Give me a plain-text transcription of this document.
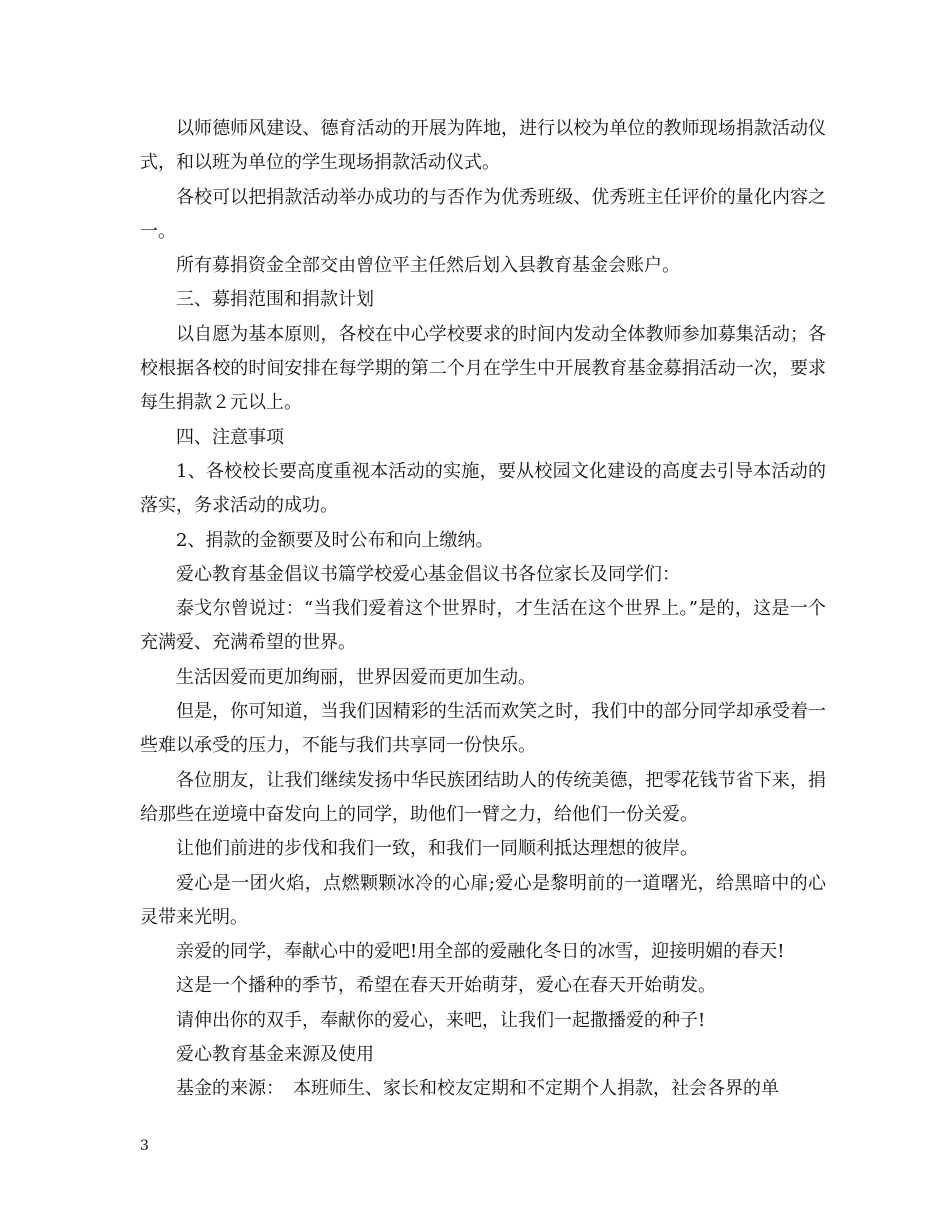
以师德师风建设、德育活动的开展为阵地，进行以校为单位的教师现场捐款活动仪式，和以班为单位的学生现场捐款活动仪式。

各校可以把捐款活动举办成功的与否作为优秀班级、优秀班主任评价的量化内容之一。

所有募捐资金全部交由曾位平主任然后划入县教育基金会账户。

三、募捐范围和捐款计划

以自愿为基本原则，各校在中心学校要求的时间内发动全体教师参加募集活动；各校根据各校的时间安排在每学期的第二个月在学生中开展教育基金募捐活动一次，要求每生捐款２元以上。

四、注意事项

1、各校校长要高度重视本活动的实施，要从校园文化建设的高度去引导本活动的落实，务求活动的成功。

2、捐款的金额要及时公布和向上缴纳。

爱心教育基金倡议书篇学校爱心基金倡议书各位家长及同学们：

泰戈尔曾说过：“当我们爱着这个世界时，才生活在这个世界上。”是的，这是一个充满爱、充满希望的世界。

生活因爱而更加绚丽，世界因爱而更加生动。

但是，你可知道，当我们因精彩的生活而欢笑之时，我们中的部分同学却承受着一些难以承受的压力，不能与我们共享同一份快乐。

各位朋友，让我们继续发扬中华民族团结助人的传统美德，把零花钱节省下来，捐给那些在逆境中奋发向上的同学，助他们一臂之力，给他们一份关爱。

让他们前进的步伐和我们一致，和我们一同顺利抵达理想的彼岸。

爱心是一团火焰，点燃颗颗冰冷的心扉;爱心是黎明前的一道曙光，给黑暗中的心灵带来光明。

亲爱的同学，奉献心中的爱吧!用全部的爱融化冬日的冰雪，迎接明媚的春天!

这是一个播种的季节，希望在春天开始萌芽，爱心在春天开始萌发。

请伸出你的双手，奉献你的爱心，来吧，让我们一起撒播爱的种子!

爱心教育基金来源及使用

基金的来源：　本班师生、家长和校友定期和不定期个人捐款，社会各界的单

3
